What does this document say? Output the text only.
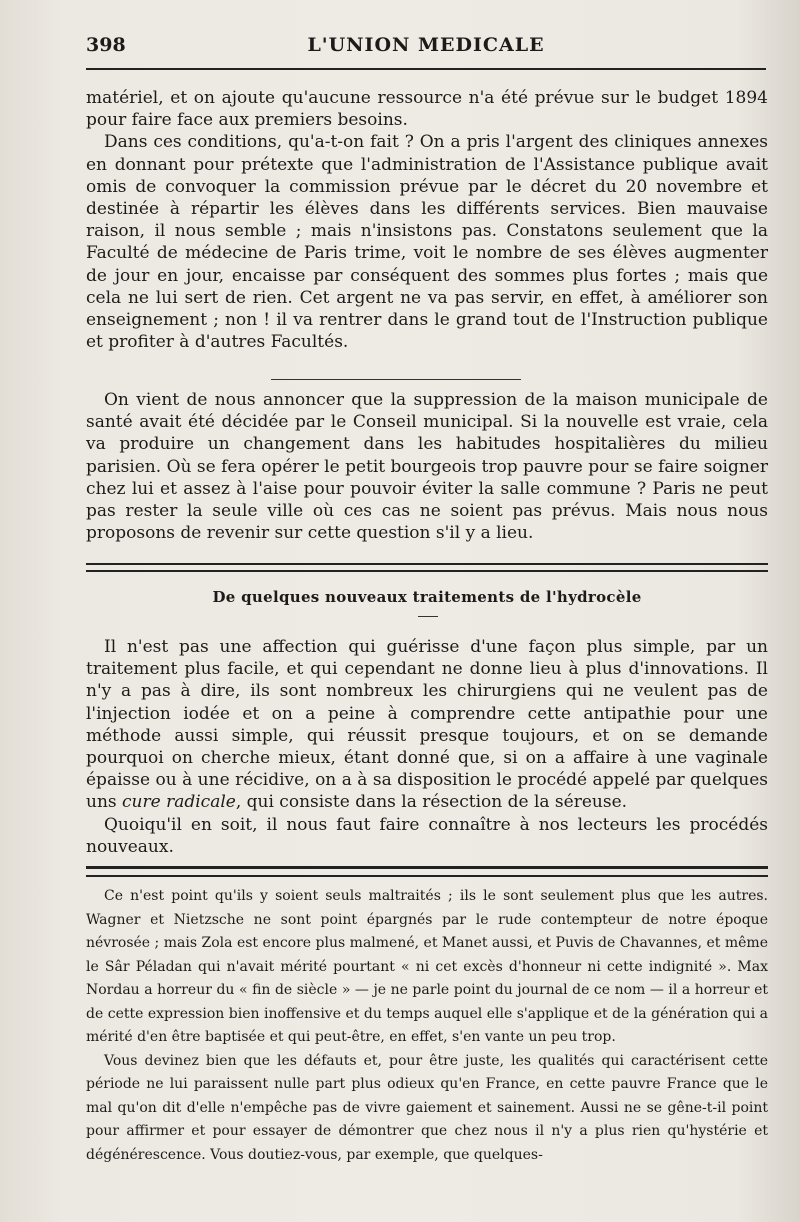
398	L'UNION MEDICALE

matériel, et on ajoute qu'aucune ressource n'a été prévue sur le budget 1894 pour faire face aux premiers besoins.

Dans ces conditions, qu'a-t-on fait ? On a pris l'argent des cliniques annexes en donnant pour prétexte que l'administration de l'Assistance publique avait omis de convoquer la commission prévue par le décret du 20 novembre et destinée à répartir les élèves dans les différents services. Bien mauvaise raison, il nous semble ; mais n'insistons pas. Constatons seulement que la Faculté de médecine de Paris trime, voit le nombre de ses élèves augmenter de jour en jour, encaisse par conséquent des sommes plus fortes ; mais que cela ne lui sert de rien. Cet argent ne va pas servir, en effet, à améliorer son enseignement ; non ! il va rentrer dans le grand tout de l'Instruction publique et profiter à d'autres Facultés.

On vient de nous annoncer que la suppression de la maison municipale de santé avait été décidée par le Conseil municipal. Si la nouvelle est vraie, cela va produire un changement dans les habitudes hospitalières du milieu parisien. Où se fera opérer le petit bourgeois trop pauvre pour se faire soigner chez lui et assez à l'aise pour pouvoir éviter la salle commune ? Paris ne peut pas rester la seule ville où ces cas ne soient pas prévus. Mais nous nous proposons de revenir sur cette question s'il y a lieu.

De quelques nouveaux traitements de l'hydrocèle

Il n'est pas une affection qui guérisse d'une façon plus simple, par un traitement plus facile, et qui cependant ne donne lieu à plus d'innovations. Il n'y a pas à dire, ils sont nombreux les chirurgiens qui ne veulent pas de l'injection iodée et on a peine à comprendre cette antipathie pour une méthode aussi simple, qui réussit presque toujours, et on se demande pourquoi on cherche mieux, étant donné que, si on a affaire à une vaginale épaisse ou à une récidive, on a à sa disposition le procédé appelé par quelques uns cure radicale, qui consiste dans la résection de la séreuse.

Quoiqu'il en soit, il nous faut faire connaître à nos lecteurs les procédés nouveaux.

Ce n'est point qu'ils y soient seuls maltraités ; ils le sont seulement plus que les autres. Wagner et Nietzsche ne sont point épargnés par le rude contempteur de notre époque névrosée ; mais Zola est encore plus malmené, et Manet aussi, et Puvis de Chavannes, et même le Sâr Péladan qui n'avait mérité pourtant « ni cet excès d'honneur ni cette indignité ». Max Nordau a horreur du « fin de siècle » — je ne parle point du journal de ce nom — il a horreur et de cette expression bien inoffensive et du temps auquel elle s'applique et de la génération qui a mérité d'en être baptisée et qui peut-être, en effet, s'en vante un peu trop.

Vous devinez bien que les défauts et, pour être juste, les qualités qui caractérisent cette période ne lui paraissent nulle part plus odieux qu'en France, en cette pauvre France que le mal qu'on dit d'elle n'empêche pas de vivre gaiement et sainement. Aussi ne se gêne-t-il point pour affirmer et pour essayer de démontrer que chez nous il n'y a plus rien qu'hystérie et dégénérescence. Vous doutiez-vous, par exemple, que quelques-
